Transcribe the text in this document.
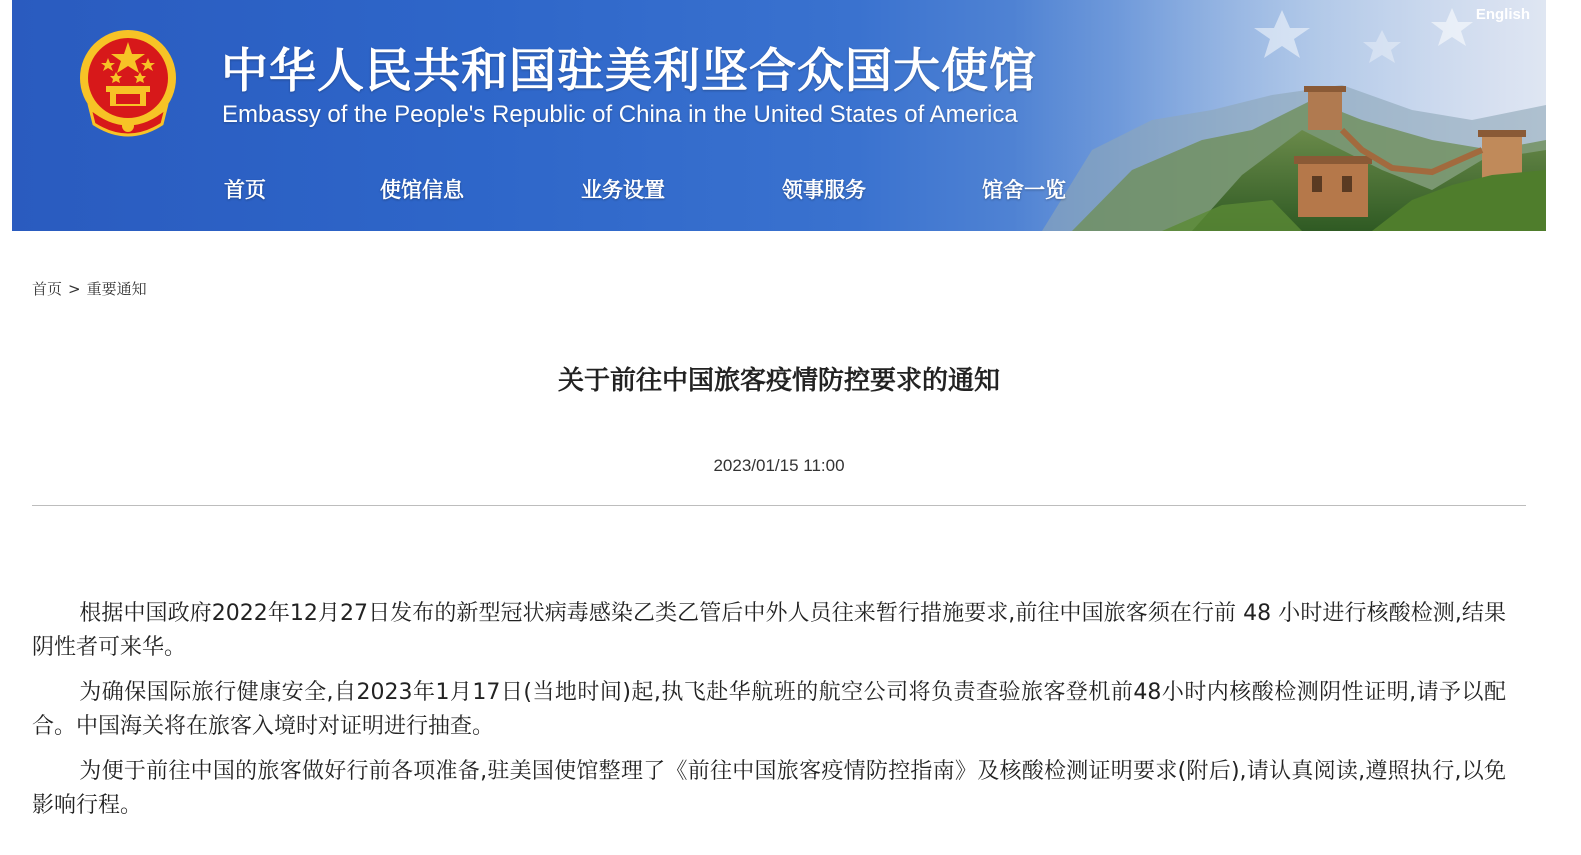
中华人民共和国驻美利坚合众国大使馆
Embassy of the People's Republic of China in the United States of America
English
首页	使馆信息	业务设置	领事服务	馆舍一览
首页 > 重要通知
关于前往中国旅客疫情防控要求的通知
2023/01/15 11:00

根据中国政府2022年12月27日发布的新型冠状病毒感染乙类乙管后中外人员往来暂行措施要求,前往中国旅客须在行前 48 小时进行核酸检测,结果阴性者可来华。

为确保国际旅行健康安全,自2023年1月17日(当地时间)起,执飞赴华航班的航空公司将负责查验旅客登机前48小时内核酸检测阴性证明,请予以配合。中国海关将在旅客入境时对证明进行抽查。

为便于前往中国的旅客做好行前各项准备,驻美国使馆整理了《前往中国旅客疫情防控指南》及核酸检测证明要求(附后),请认真阅读,遵照执行,以免影响行程。
